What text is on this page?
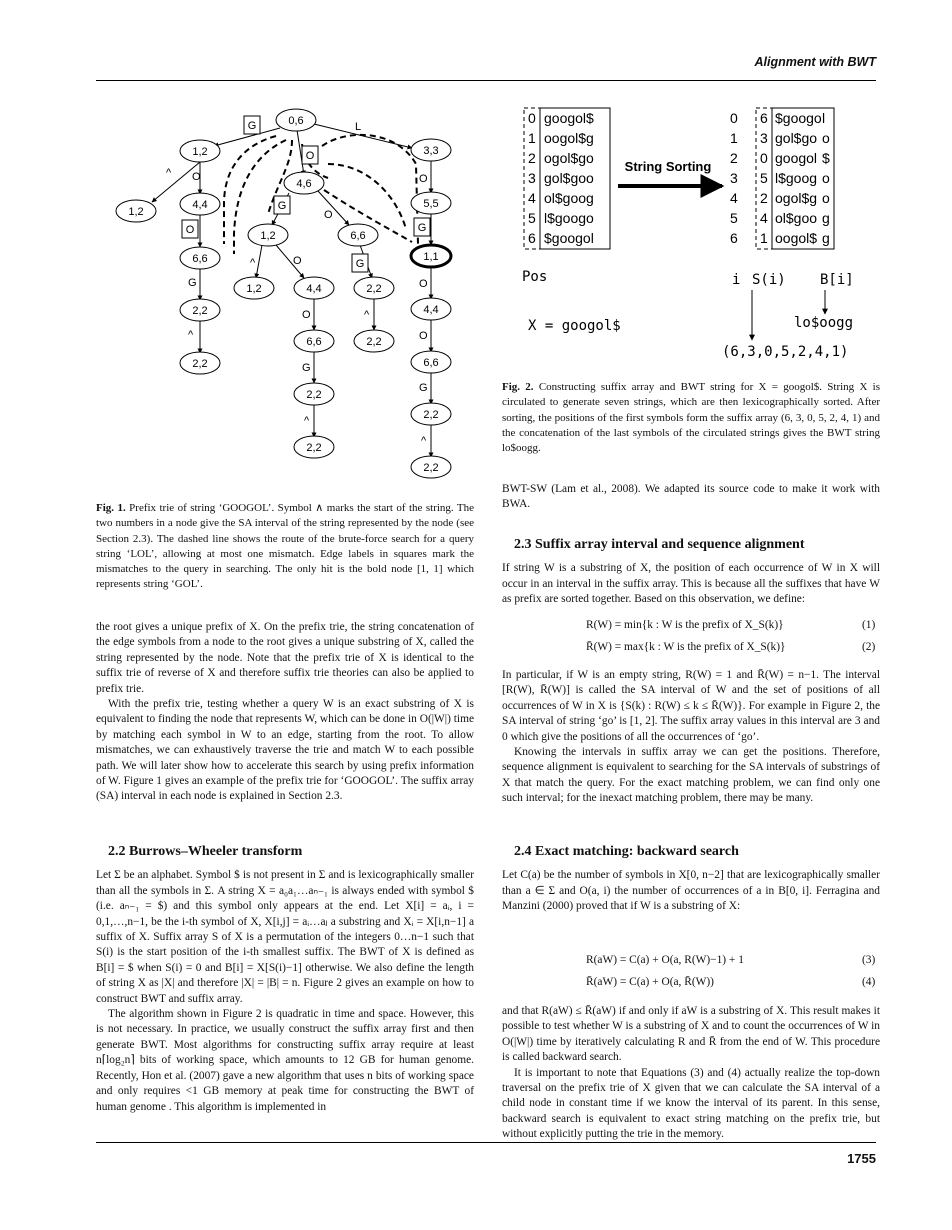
Alignment with BWT
G	L
^ O
O
G
^
O
G
O
^	O
O
G
^
G
^
O
G
O
O
G
^
0,6
1,2	3,3
1,2
4,4
4,6
5,5
6,6
1,2	6,6
1,1
2,2
1,2	4,4	2,2
4,4
2,2
6,6	2,2
6,6
2,2
2,2
2,2
2,2
0 googol$
1 oogol$g
2 ogol$go
3 gol$goo
4 ol$goog
5 l$googo
6 $googol
0 6 $googo l
1 3 gol$go o
2 0 googol $
3 5 l$goog o
4 2 ogol$g o
5 4 ol$goo g
6 1 oogol$ g
String Sorting
Pos	i S(i) B[i]
X = googol$	lo$oogg
(6,3,0,5,2,4,1)
Fig. 2. Constructing suffix array and BWT string for X = googol$. String X is circulated to generate seven strings, which are then lexicographically sorted. After sorting, the positions of the first symbols form the suffix array (6, 3, 0, 5, 2, 4, 1) and the concatenation of the last symbols of the circulated strings gives the BWT string lo$oogg.
Fig. 1. Prefix trie of string ‘GOOGOL’. Symbol ∧ marks the start of the string. The two numbers in a node give the SA interval of the string represented by the node (see Section 2.3). The dashed line shows the route of the brute-force search for a query string ‘LOL’, allowing at most one mismatch. Edge labels in squares mark the mismatches to the query in searching. The only hit is the bold node [1, 1] which represents string ‘GOL’.

the root gives a unique prefix of X. On the prefix trie, the string concatenation of the edge symbols from a node to the root gives a unique substring of X, called the string represented by the node. Note that the prefix trie of X is identical to the suffix trie of reverse of X and therefore suffix trie theories can also be applied to prefix trie.

With the prefix trie, testing whether a query W is an exact substring of X is equivalent to finding the node that represents W, which can be done in O(|W|) time by matching each symbol in W to an edge, starting from the root. To allow mismatches, we can exhaustively traverse the trie and match W to each possible path. We will later show how to accelerate this search by using prefix information of W. Figure 1 gives an example of the prefix trie for ‘GOOGOL’. The suffix array (SA) interval in each node is explained in Section 2.3.

2.2 Burrows–Wheeler transform

Let Σ be an alphabet. Symbol $ is not present in Σ and is lexicographically smaller than all the symbols in Σ. A string X = a₀a₁…aₙ₋₁ is always ended with symbol $ (i.e. aₙ₋₁ = $) and this symbol only appears at the end. Let X[i] = aᵢ, i = 0,1,…,n−1, be the i-th symbol of X, X[i,j] = aᵢ…aⱼ a substring and Xᵢ = X[i,n−1] a suffix of X. Suffix array S of X is a permutation of the integers 0…n−1 such that S(i) is the start position of the i-th smallest suffix. The BWT of X is defined as B[i] = $ when S(i) = 0 and B[i] = X[S(i)−1] otherwise. We also define the length of string X as |X| and therefore |X| = |B| = n. Figure 2 gives an example on how to construct BWT and suffix array.

The algorithm shown in Figure 2 is quadratic in time and space. However, this is not necessary. In practice, we usually construct the suffix array first and then generate BWT. Most algorithms for constructing suffix array require at least n⌈log₂n⌉ bits of working space, which amounts to 12 GB for human genome. Recently, Hon et al. (2007) gave a new algorithm that uses n bits of working space and only requires <1 GB memory at peak time for constructing the BWT of human genome . This algorithm is implemented in

BWT-SW (Lam et al., 2008). We adapted its source code to make it work with BWA.

2.3 Suffix array interval and sequence alignment

If string W is a substring of X, the position of each occurrence of W in X will occur in an interval in the suffix array. This is because all the suffixes that have W as prefix are sorted together. Based on this observation, we define:

R(W) = min{k : W is the prefix of X_S(k)}	(1)
R̄(W) = max{k : W is the prefix of X_S(k)}	(2)

In particular, if W is an empty string, R(W) = 1 and R̄(W) = n−1. The interval [R(W), R̄(W)] is called the SA interval of W and the set of positions of all occurrences of W in X is {S(k) : R(W) ≤ k ≤ R̄(W)}. For example in Figure 2, the SA interval of string ‘go’ is [1, 2]. The suffix array values in this interval are 3 and 0 which give the positions of all the occurrences of ‘go’.

Knowing the intervals in suffix array we can get the positions. Therefore, sequence alignment is equivalent to searching for the SA intervals of substrings of X that match the query. For the exact matching problem, we can find only one such interval; for the inexact matching problem, there may be many.

2.4 Exact matching: backward search

Let C(a) be the number of symbols in X[0, n−2] that are lexicographically smaller than a ∈ Σ and O(a, i) the number of occurrences of a in B[0, i]. Ferragina and Manzini (2000) proved that if W is a substring of X:

R(aW) = C(a) + O(a, R(W)−1) + 1	(3)
R̄(aW) = C(a) + O(a, R̄(W))	(4)

and that R(aW) ≤ R̄(aW) if and only if aW is a substring of X. This result makes it possible to test whether W is a substring of X and to count the occurrences of W in O(|W|) time by iteratively calculating R and R̄ from the end of W. This procedure is called backward search.

It is important to note that Equations (3) and (4) actually realize the top-down traversal on the prefix trie of X given that we can calculate the SA interval of a child node in constant time if we know the interval of its parent. In this sense, backward search is equivalent to exact string matching on the prefix trie, but without explicitly putting the trie in the memory.

1755
